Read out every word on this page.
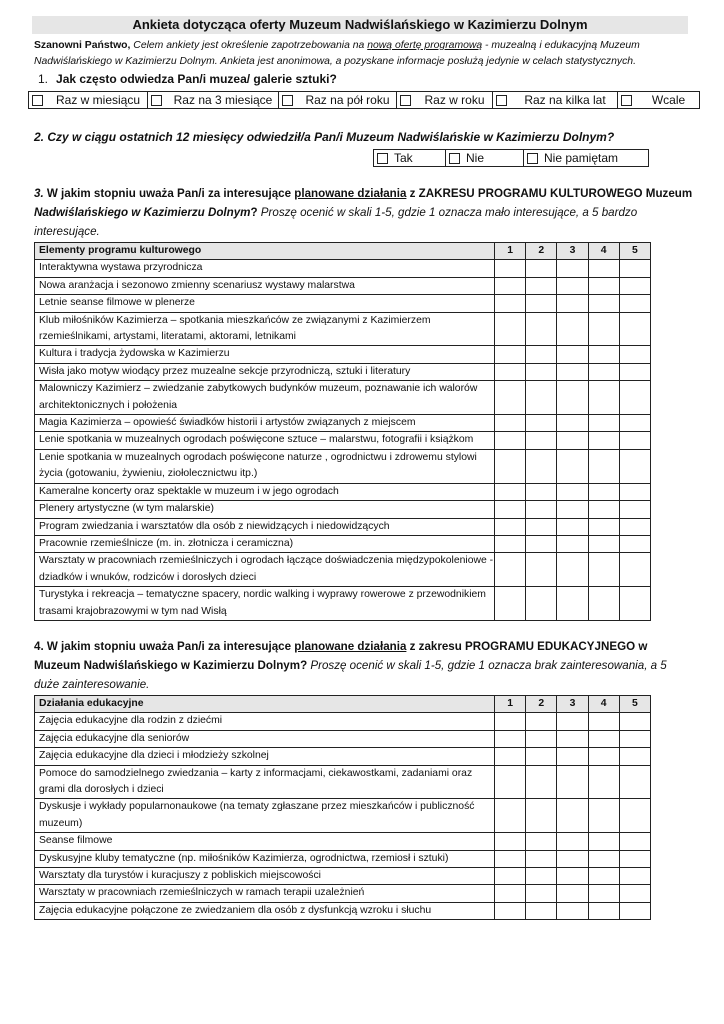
Ankieta dotycząca oferty Muzeum Nadwiślańskiego w Kazimierzu Dolnym
Szanowni Państwo, Celem ankiety jest określenie zapotrzebowania na nową ofertę programową - muzealną i edukacyjną Muzeum Nadwiślańskiego w Kazimierzu Dolnym. Ankieta jest anonimowa, a pozyskane informacje posłużą jedynie w celach statystycznych.
1. Jak często odwiedza Pan/i muzea/ galerie sztuki?
Raz w miesiącu	Raz na 3 miesiące	Raz na pół roku	Raz w roku	Raz na kilka lat	Wcale
2. Czy w ciągu ostatnich 12 miesięcy odwiedził/a Pan/i Muzeum Nadwiślańskie w Kazimierzu Dolnym?
Tak	Nie	Nie pamiętam
3. W jakim stopniu uważa Pan/i za interesujące planowane działania z ZAKRESU PROGRAMU KULTUROWEGO Muzeum Nadwiślańskiego w Kazimierzu Dolnym? Proszę ocenić w skali 1-5, gdzie 1 oznacza mało interesujące, a 5 bardzo interesujące.
Elementy programu kulturowego	1	2	3	4	5
Interaktywna wystawa przyrodnicza					
Nowa aranżacja i sezonowo zmienny scenariusz wystawy malarstwa					
Letnie seanse filmowe w plenerze					
Klub miłośników Kazimierza – spotkania mieszkańców ze związanymi z Kazimierzem rzemieślnikami, artystami, literatami, aktorami, letnikami					
Kultura i tradycja żydowska w Kazimierzu					
Wisła jako motyw wiodący przez muzealne sekcje przyrodniczą, sztuki i literatury					
Malowniczy Kazimierz – zwiedzanie zabytkowych budynków muzeum, poznawanie ich walorów architektonicznych i położenia					
Magia Kazimierza – opowieść świadków historii i artystów związanych z miejscem					
Lenie spotkania w muzealnych ogrodach poświęcone sztuce – malarstwu, fotografii i książkom					
Lenie spotkania w muzealnych ogrodach poświęcone naturze , ogrodnictwu i zdrowemu stylowi życia (gotowaniu, żywieniu, ziołolecznictwu itp.)					
Kameralne koncerty oraz spektakle w muzeum i w jego ogrodach					
Plenery artystyczne (w tym malarskie)					
Program zwiedzania i warsztatów dla osób z niewidzących i niedowidzących					
Pracownie rzemieślnicze (m. in. złotnicza i ceramiczna)					
Warsztaty w pracowniach rzemieślniczych i ogrodach łączące doświadczenia międzypokoleniowe - dziadków i wnuków, rodziców i dorosłych dzieci					
Turystyka i rekreacja – tematyczne spacery, nordic walking i wyprawy rowerowe z przewodnikiem trasami krajobrazowymi w tym nad Wisłą					
4. W jakim stopniu uważa Pan/i za interesujące planowane działania z zakresu PROGRAMU EDUKACYJNEGO w Muzeum Nadwiślańskiego w Kazimierzu Dolnym? Proszę ocenić w skali 1-5, gdzie 1 oznacza brak zainteresowania, a 5 duże zainteresowanie.
Działania edukacyjne	1	2	3	4	5
Zajęcia edukacyjne dla rodzin z dziećmi					
Zajęcia edukacyjne dla seniorów					
Zajęcia edukacyjne dla dzieci i młodzieży szkolnej					
Pomoce do samodzielnego zwiedzania – karty z informacjami, ciekawostkami, zadaniami oraz grami dla dorosłych i dzieci					
Dyskusje i wykłady popularnonaukowe (na tematy zgłaszane przez mieszkańców i publiczność muzeum)					
Seanse filmowe					
Dyskusyjne kluby tematyczne (np. miłośników Kazimierza, ogrodnictwa, rzemiosł i sztuki)					
Warsztaty dla turystów i kuracjuszy z pobliskich miejscowości					
Warsztaty w pracowniach rzemieślniczych w ramach terapii uzależnień					
Zajęcia edukacyjne połączone ze zwiedzaniem dla osób z dysfunkcją wzroku i słuchu					
